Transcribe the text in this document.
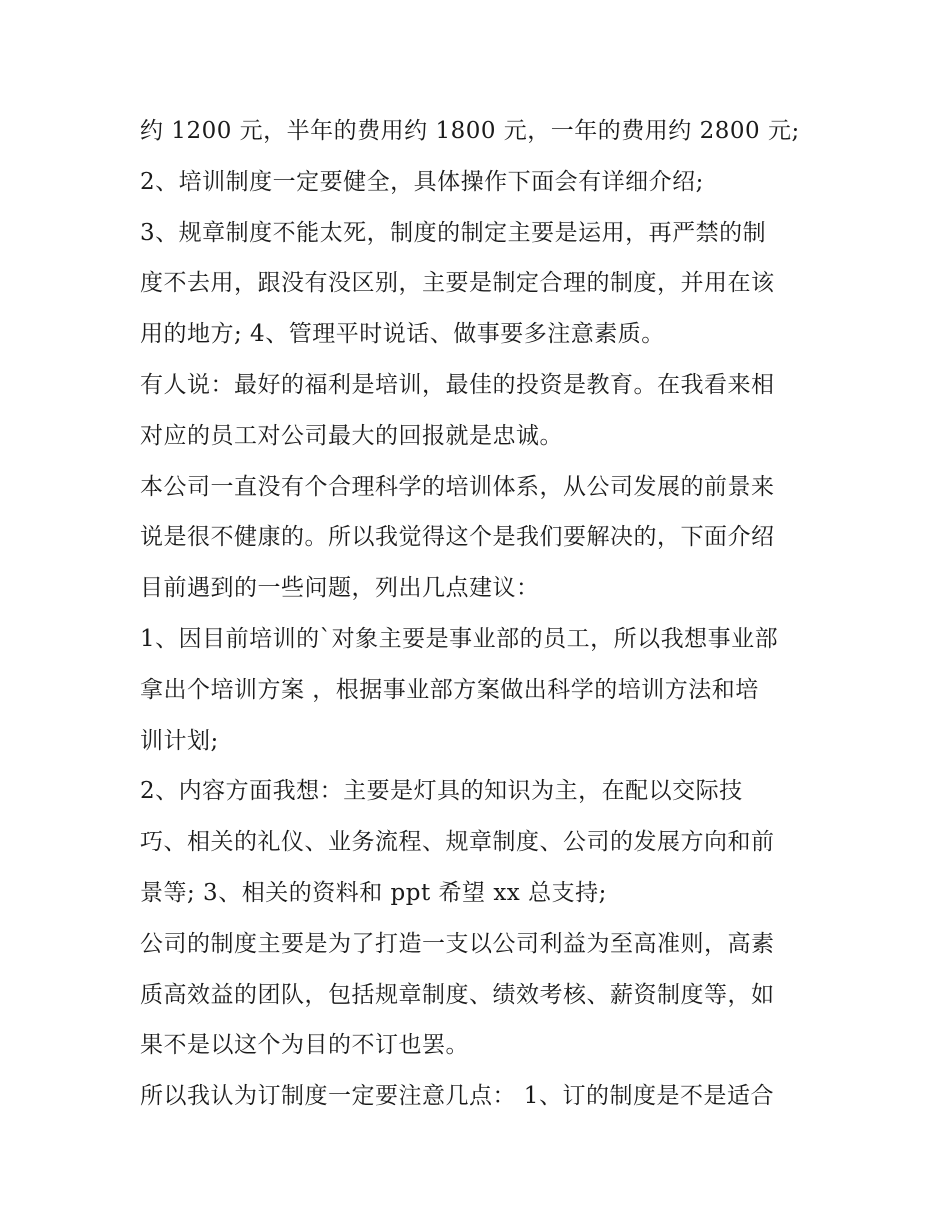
约 1200 元，半年的费用约 1800 元，一年的费用约 2800 元;
2、培训制度一定要健全，具体操作下面会有详细介绍;
3、规章制度不能太死，制度的制定主要是运用，再严禁的制
度不去用，跟没有没区别，主要是制定合理的制度，并用在该
用的地方; 4、管理平时说话、做事要多注意素质。
有人说：最好的福利是培训，最佳的投资是教育。在我看来相
对应的员工对公司最大的回报就是忠诚。
本公司一直没有个合理科学的培训体系，从公司发展的前景来
说是很不健康的。所以我觉得这个是我们要解决的，下面介绍
目前遇到的一些问题，列出几点建议：
1、因目前培训的`对象主要是事业部的员工，所以我想事业部
拿出个培训方案 ，根据事业部方案做出科学的培训方法和培
训计划;
2、内容方面我想：主要是灯具的知识为主，在配以交际技
巧、相关的礼仪、业务流程、规章制度、公司的发展方向和前
景等; 3、相关的资料和 ppt 希望 xx 总支持;
公司的制度主要是为了打造一支以公司利益为至高准则，高素
质高效益的团队，包括规章制度、绩效考核、薪资制度等，如
果不是以这个为目的不订也罢。
所以我认为订制度一定要注意几点： 1、订的制度是不是适合
